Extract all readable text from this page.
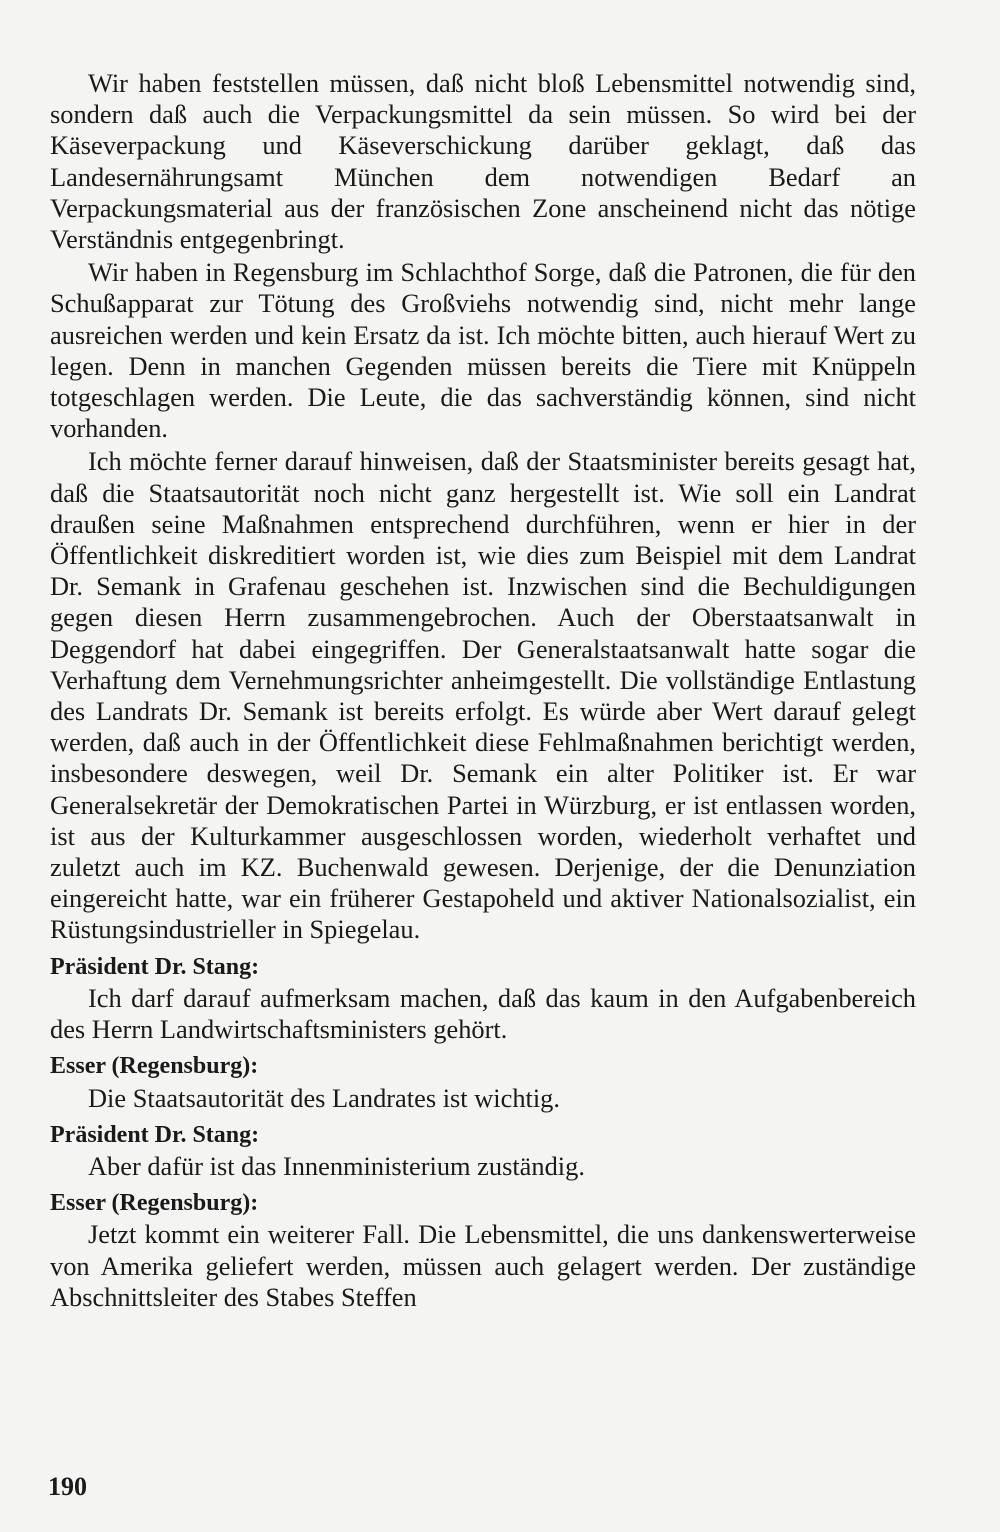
Wir haben feststellen müssen, daß nicht bloß Lebensmittel notwendig sind, sondern daß auch die Verpackungsmittel da sein müssen. So wird bei der Käseverpackung und Käseverschickung darüber geklagt, daß das Landesernährungsamt München dem notwendigen Bedarf an Verpackungsmaterial aus der französischen Zone anscheinend nicht das nötige Verständnis entgegenbringt.

Wir haben in Regensburg im Schlachthof Sorge, daß die Patronen, die für den Schußapparat zur Tötung des Großviehs notwendig sind, nicht mehr lange ausreichen werden und kein Ersatz da ist. Ich möchte bitten, auch hierauf Wert zu legen. Denn in manchen Gegenden müssen bereits die Tiere mit Knüppeln totgeschlagen werden. Die Leute, die das sachverständig können, sind nicht vorhanden.

Ich möchte ferner darauf hinweisen, daß der Staatsminister bereits gesagt hat, daß die Staatsautorität noch nicht ganz hergestellt ist. Wie soll ein Landrat draußen seine Maßnahmen entsprechend durchführen, wenn er hier in der Öffentlichkeit diskreditiert worden ist, wie dies zum Beispiel mit dem Landrat Dr. Semank in Grafenau geschehen ist. Inzwischen sind die Bechuldigungen gegen diesen Herrn zusammengebrochen. Auch der Oberstaatsanwalt in Deggendorf hat dabei eingegriffen. Der Generalstaatsanwalt hatte sogar die Verhaftung dem Vernehmungsrichter anheimgestellt. Die vollständige Entlastung des Landrats Dr. Semank ist bereits erfolgt. Es würde aber Wert darauf gelegt werden, daß auch in der Öffentlichkeit diese Fehlmaßnahmen berichtigt werden, insbesondere deswegen, weil Dr. Semank ein alter Politiker ist. Er war Generalsekretär der Demokratischen Partei in Würzburg, er ist entlassen worden, ist aus der Kulturkammer ausgeschlossen worden, wiederholt verhaftet und zuletzt auch im KZ. Buchenwald gewesen. Derjenige, der die Denunziation eingereicht hatte, war ein früherer Gestapoheld und aktiver Nationalsozialist, ein Rüstungsindustrieller in Spiegelau.

Präsident Dr. Stang:

Ich darf darauf aufmerksam machen, daß das kaum in den Aufgabenbereich des Herrn Landwirtschaftsministers gehört.

Esser (Regensburg):

Die Staatsautorität des Landrates ist wichtig.

Präsident Dr. Stang:

Aber dafür ist das Innenministerium zuständig.

Esser (Regensburg):

Jetzt kommt ein weiterer Fall. Die Lebensmittel, die uns dankenswerterweise von Amerika geliefert werden, müssen auch gelagert werden. Der zuständige Abschnittsleiter des Stabes Steffen

190
